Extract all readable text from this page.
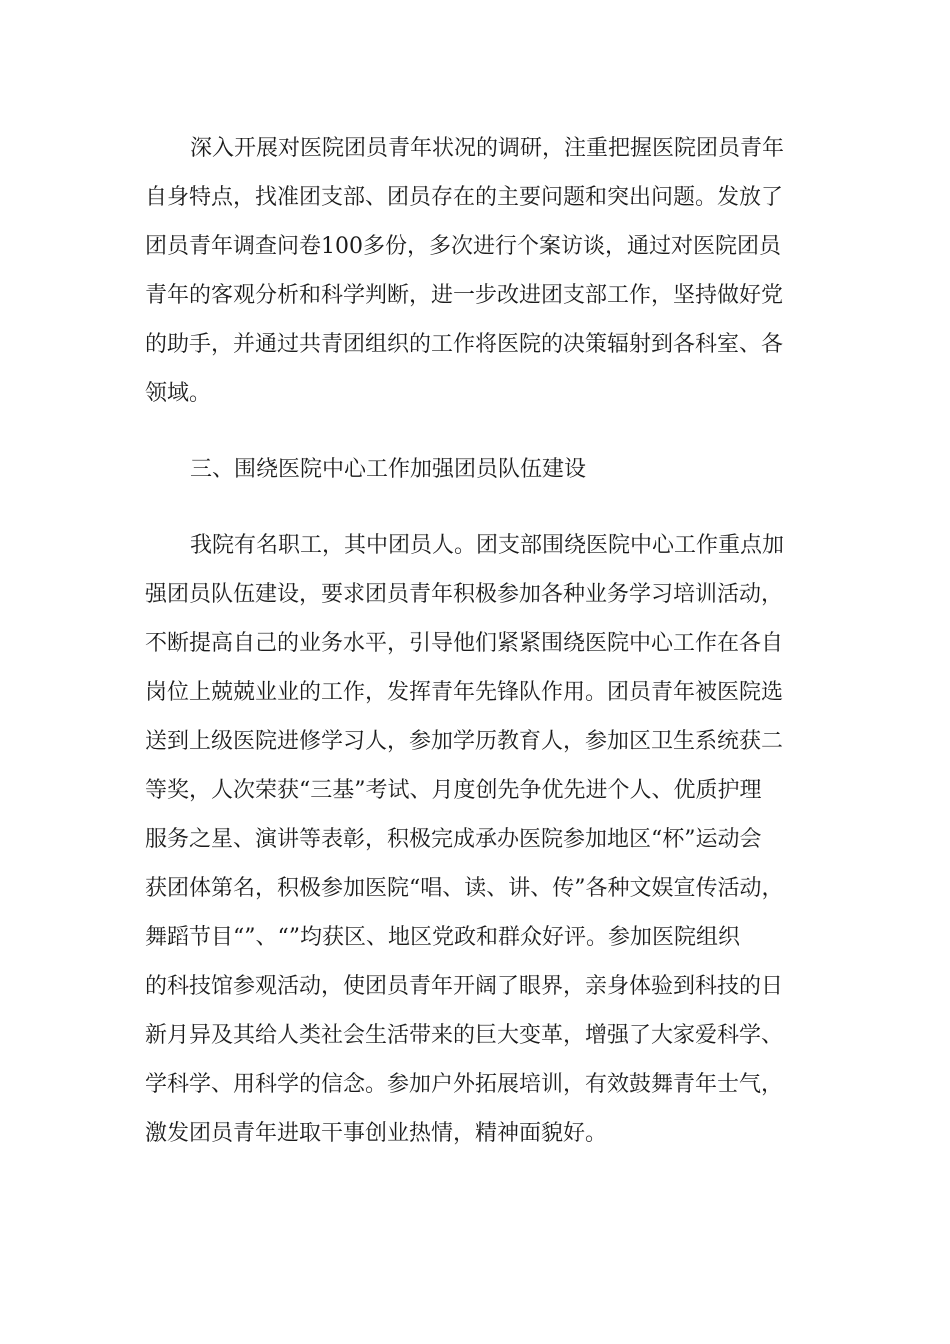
深入开展对医院团员青年状况的调研，注重把握医院团员青年

自身特点，找准团支部、团员存在的主要问题和突出问题。发放了

团员青年调查问卷100多份，多次进行个案访谈，通过对医院团员

青年的客观分析和科学判断，进一步改进团支部工作，坚持做好党

的助手，并通过共青团组织的工作将医院的决策辐射到各科室、各

领域。

三、围绕医院中心工作加强团员队伍建设

我院有名职工，其中团员人。团支部围绕医院中心工作重点加

强团员队伍建设，要求团员青年积极参加各种业务学习培训活动，

不断提高自己的业务水平，引导他们紧紧围绕医院中心工作在各自

岗位上兢兢业业的工作，发挥青年先锋队作用。团员青年被医院选

送到上级医院进修学习人，参加学历教育人，参加区卫生系统获二

等奖，人次荣获“三基”考试、月度创先争优先进个人、优质护理

服务之星、演讲等表彰，积极完成承办医院参加地区“杯”运动会

获团体第名，积极参加医院“唱、读、讲、传”各种文娱宣传活动，

舞蹈节目“”、“”均获区、地区党政和群众好评。参加医院组织

的科技馆参观活动，使团员青年开阔了眼界，亲身体验到科技的日

新月异及其给人类社会生活带来的巨大变革，增强了大家爱科学、

学科学、用科学的信念。参加户外拓展培训，有效鼓舞青年士气，

激发团员青年进取干事创业热情，精神面貌好。
